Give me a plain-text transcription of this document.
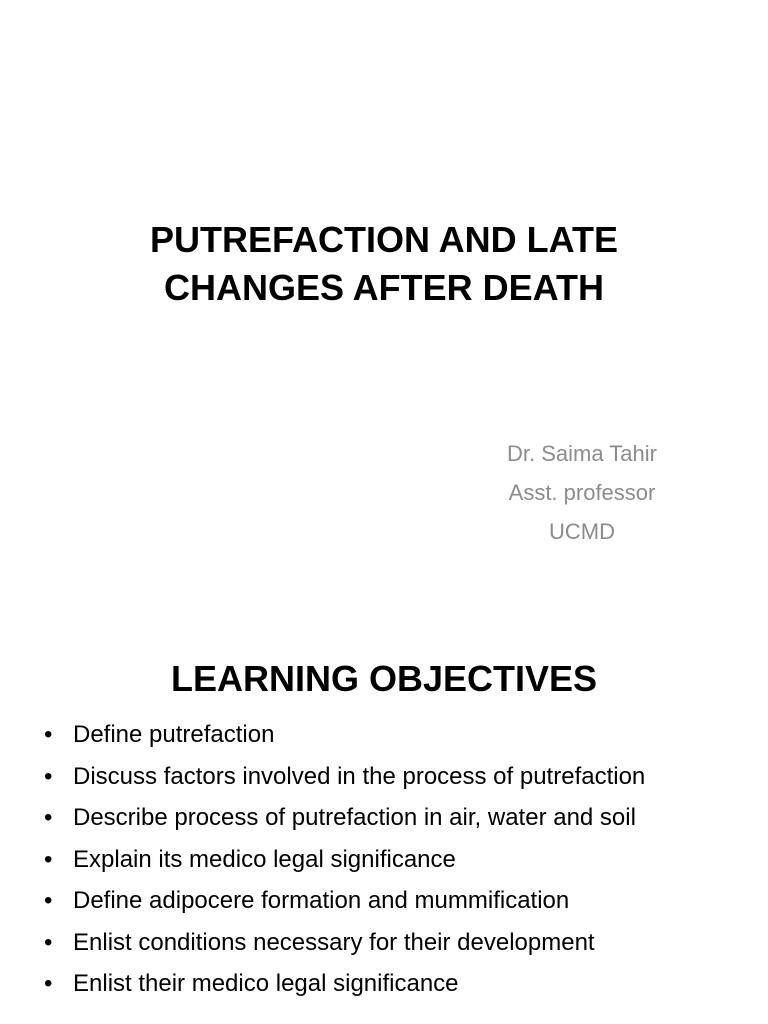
PUTREFACTION AND LATE
CHANGES AFTER DEATH
Dr. Saima Tahir
Asst. professor
UCMD
LEARNING OBJECTIVES
• Define putrefaction
• Discuss factors involved in the process of putrefaction
• Describe process of putrefaction in air, water and soil
• Explain its medico legal significance
• Define adipocere formation and mummification
• Enlist conditions necessary for their development
• Enlist their medico legal significance
